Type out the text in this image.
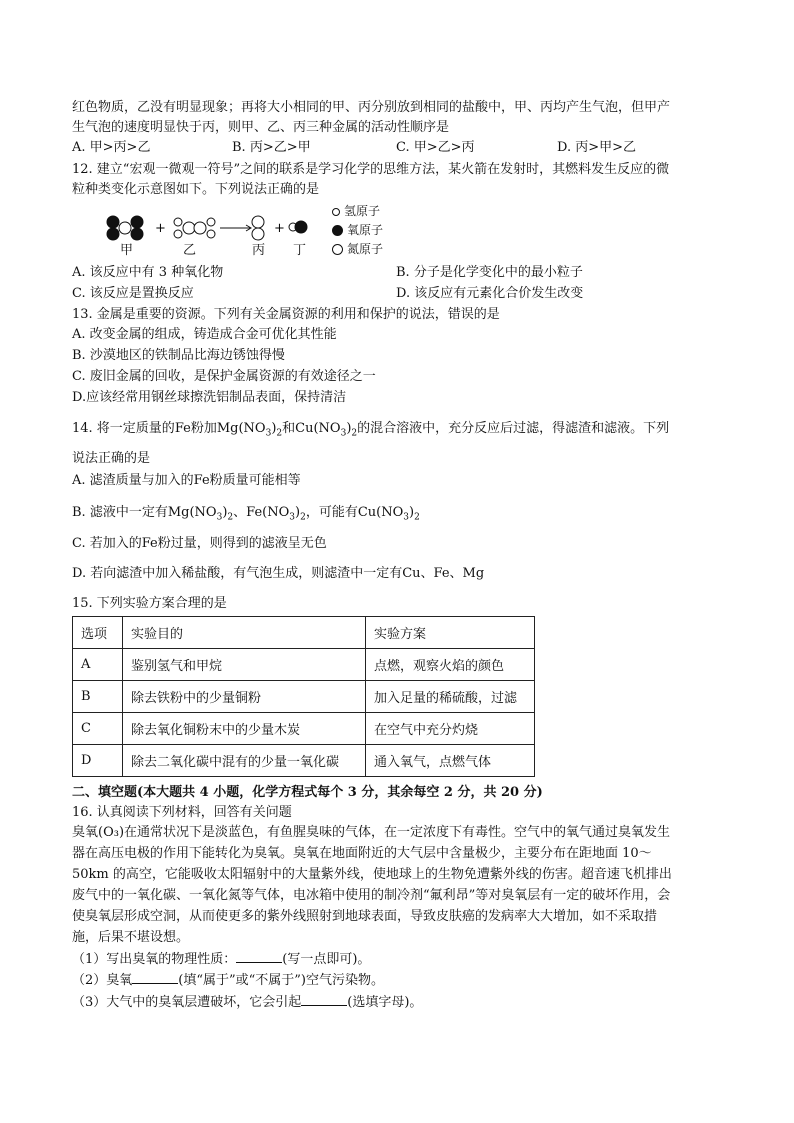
红色物质，乙没有明显现象；再将大小相同的甲、丙分别放到相同的盐酸中，甲、丙均产生气泡，但甲产
生气泡的速度明显快于丙，则甲、乙、丙三种金属的活动性顺序是
A. 甲>丙>乙	B. 丙>乙>甲	C. 甲>乙>丙	D. 丙>甲>乙
12. 建立“宏观一微观一符号”之间的联系是学习化学的思维方法，某火箭在发射时，其燃料发生反应的微
粒种类变化示意图如下。下列说法正确的是
+	+
甲	乙	丙 丁
氢原子
氧原子
氮原子
A. 该反应中有 3 种氧化物	B. 分子是化学变化中的最小粒子
C. 该反应是置换反应	D. 该反应有元素化合价发生改变
13. 金属是重要的资源。下列有关金属资源的利用和保护的说法，错误的是
A. 改变金属的组成，铸造成合金可优化其性能
B. 沙漠地区的铁制品比海边锈蚀得慢
C. 废旧金属的回收，是保护金属资源的有效途径之一
D.应该经常用钢丝球擦洗铝制品表面，保持清洁
14. 将一定质量的Fe粉加$Mg(NO_3)_2$和$Cu(NO_3)_2$的混合溶液中，充分反应后过滤，得滤渣和滤液。下列
说法正确的是
A. 滤渣质量与加入的Fe粉质量可能相等
B. 滤液中一定有$Mg(NO_3)_2$、$Fe(NO_3)_2$，可能有$Cu(NO_3)_2$
C. 若加入的Fe粉过量，则得到的滤液呈无色
D. 若向滤渣中加入稀盐酸，有气泡生成，则滤渣中一定有Cu、Fe、Mg
15. 下列实验方案合理的是
选项	实验目的	实验方案
A	鉴别氢气和甲烷	点燃，观察火焰的颜色
B	除去铁粉中的少量铜粉	加入足量的稀硫酸，过滤
C	除去氧化铜粉末中的少量木炭	在空气中充分灼烧
D	除去二氧化碳中混有的少量一氧化碳	通入氧气，点燃气体
二、填空题(本大题共 4 小题，化学方程式每个 3 分，其余每空 2 分，共 20 分)
16. 认真阅读下列材料，回答有关问题
臭氧(O₃)在通常状况下是淡蓝色，有鱼腥臭味的气体，在一定浓度下有毒性。空气中的氧气通过臭氧发生
器在高压电极的作用下能转化为臭氧。臭氧在地面附近的大气层中含量极少，主要分布在距地面 10～
50km 的高空，它能吸收太阳辐射中的大量紫外线，使地球上的生物免遭紫外线的伤害。超音速飞机排出
废气中的一氧化碳、一氧化氮等气体，电冰箱中使用的制冷剂“氟利昂”等对臭氧层有一定的破坏作用，会
使臭氧层形成空洞，从而使更多的紫外线照射到地球表面，导致皮肤癌的发病率大大增加，如不采取措
施，后果不堪设想。
（1）写出臭氧的物理性质：	(写一点即可)。
（2）臭氧	(填“属于”或“不属于”)空气污染物。
（3）大气中的臭氧层遭破坏，它会引起	(选填字母)。
